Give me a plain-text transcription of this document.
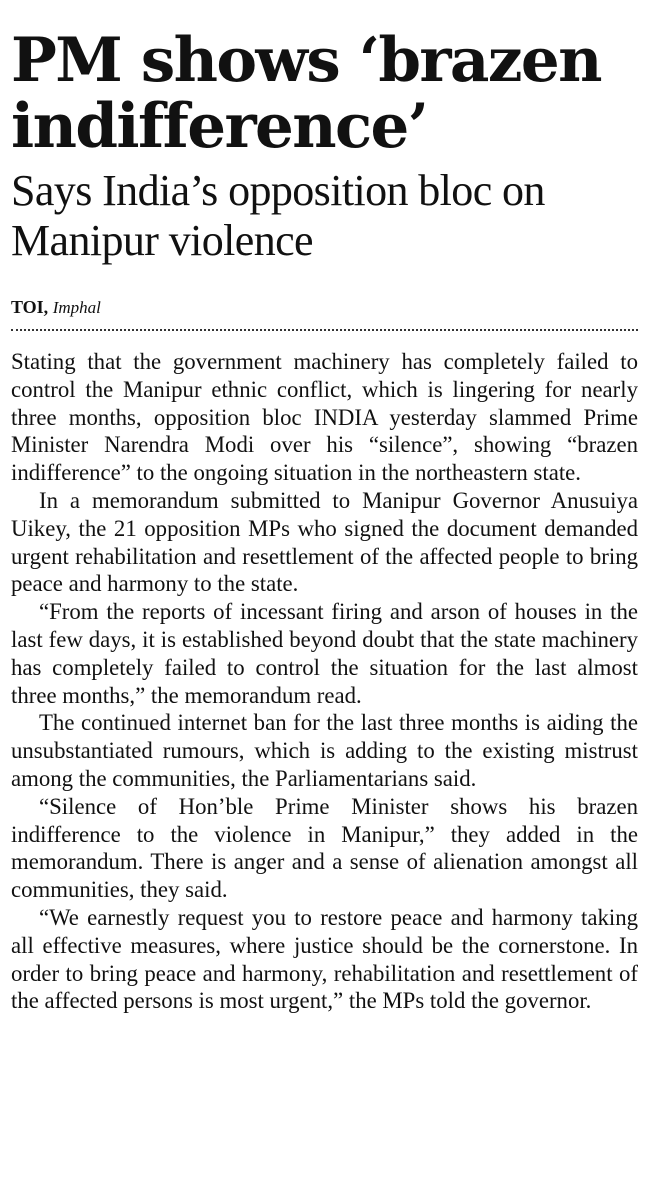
PM shows ‘brazen indifference’
Says India’s opposition bloc on Manipur violence
TOI, Imphal

Stating that the government machinery has completely failed to control the Manipur ethnic conflict, which is lingering for nearly three months, opposition bloc INDIA yesterday slammed Prime Minister Narendra Modi over his “silence”, showing “brazen indifference” to the ongoing situation in the northeastern state.

In a memorandum submitted to Manipur Governor Anusuiya Uikey, the 21 opposition MPs who signed the document demanded urgent rehabilitation and resettlement of the affected people to bring peace and harmony to the state.

“From the reports of incessant firing and arson of houses in the last few days, it is established beyond doubt that the state machinery has completely failed to control the situation for the last almost three months,” the memorandum read.

The continued internet ban for the last three months is aiding the unsubstantiated rumours, which is adding to the existing mistrust among the communities, the Parliamentarians said.

“Silence of Hon’ble Prime Minister shows his brazen indifference to the violence in Manipur,” they added in the memorandum. There is anger and a sense of alienation amongst all communities, they said.

“We earnestly request you to restore peace and harmony taking all effective measures, where justice should be the cornerstone. In order to bring peace and harmony, rehabilitation and resettlement of the affected persons is most urgent,” the MPs told the governor.
